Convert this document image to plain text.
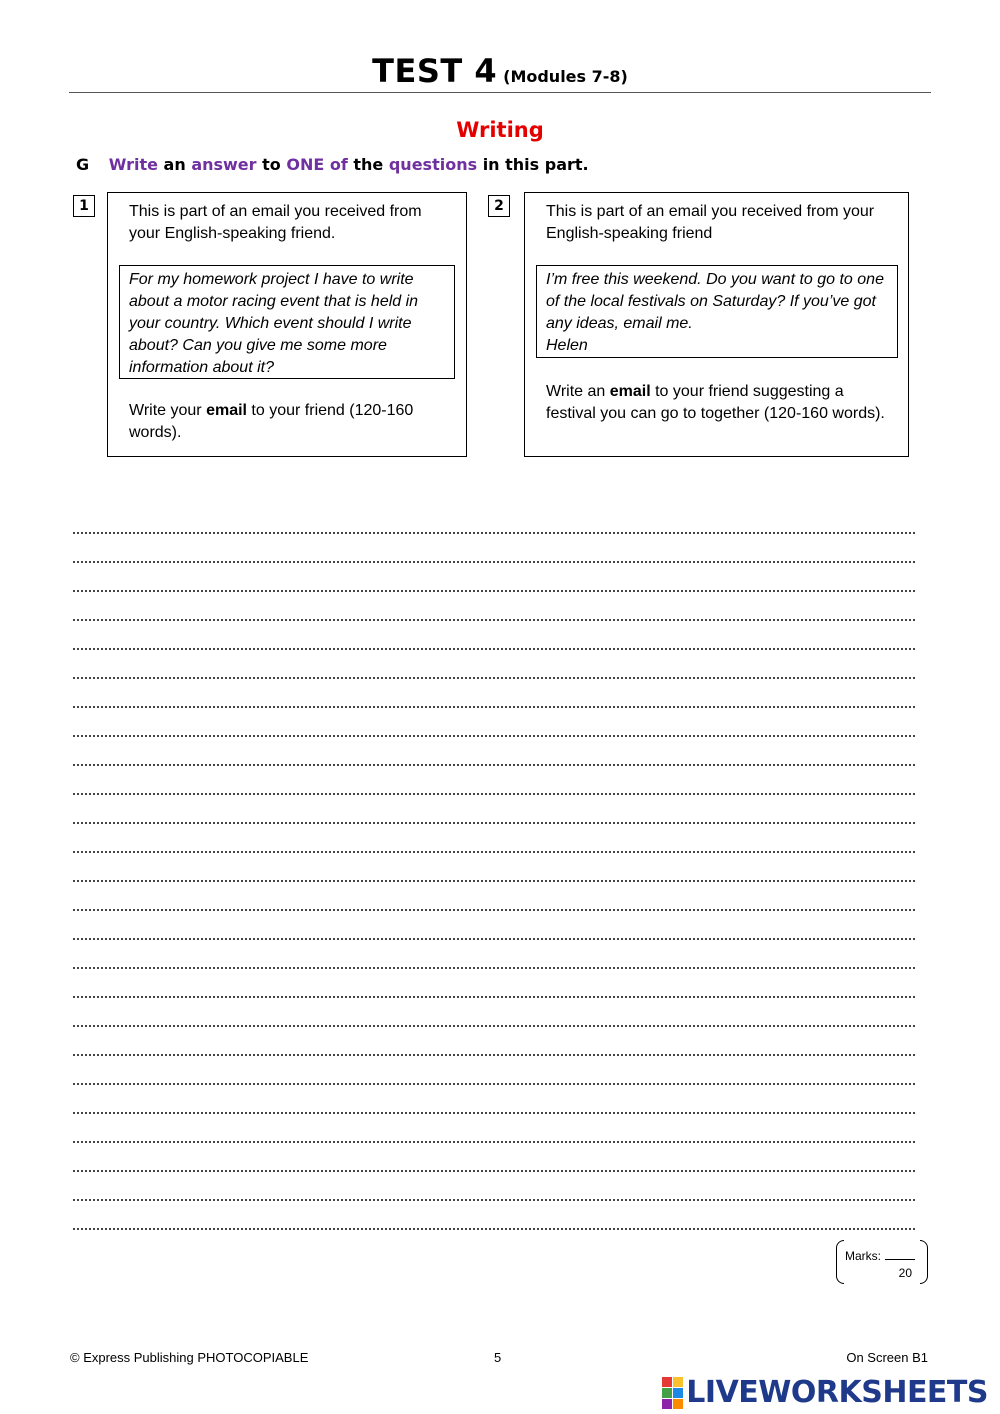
TEST 4 (Modules 7-8)
Writing
G Write an answer to ONE of the questions in this part.
1	This is part of an email you received from your English-speaking friend.
For my homework project I have to write about a motor racing event that is held in your country. Which event should I write about? Can you give me some more information about it?
Write your email to your friend (120-160 words).
2	This is part of an email you received from your English-speaking friend
I’m free this weekend. Do you want to go to one of the local festivals on Saturday? If you’ve got any ideas, email me.
Helen
Write an email to your friend suggesting a festival you can go to together (120-160 words).
Marks:
20
© Express Publishing PHOTOCOPIABLE	5	On Screen B1
LIVEWORKSHEETS
